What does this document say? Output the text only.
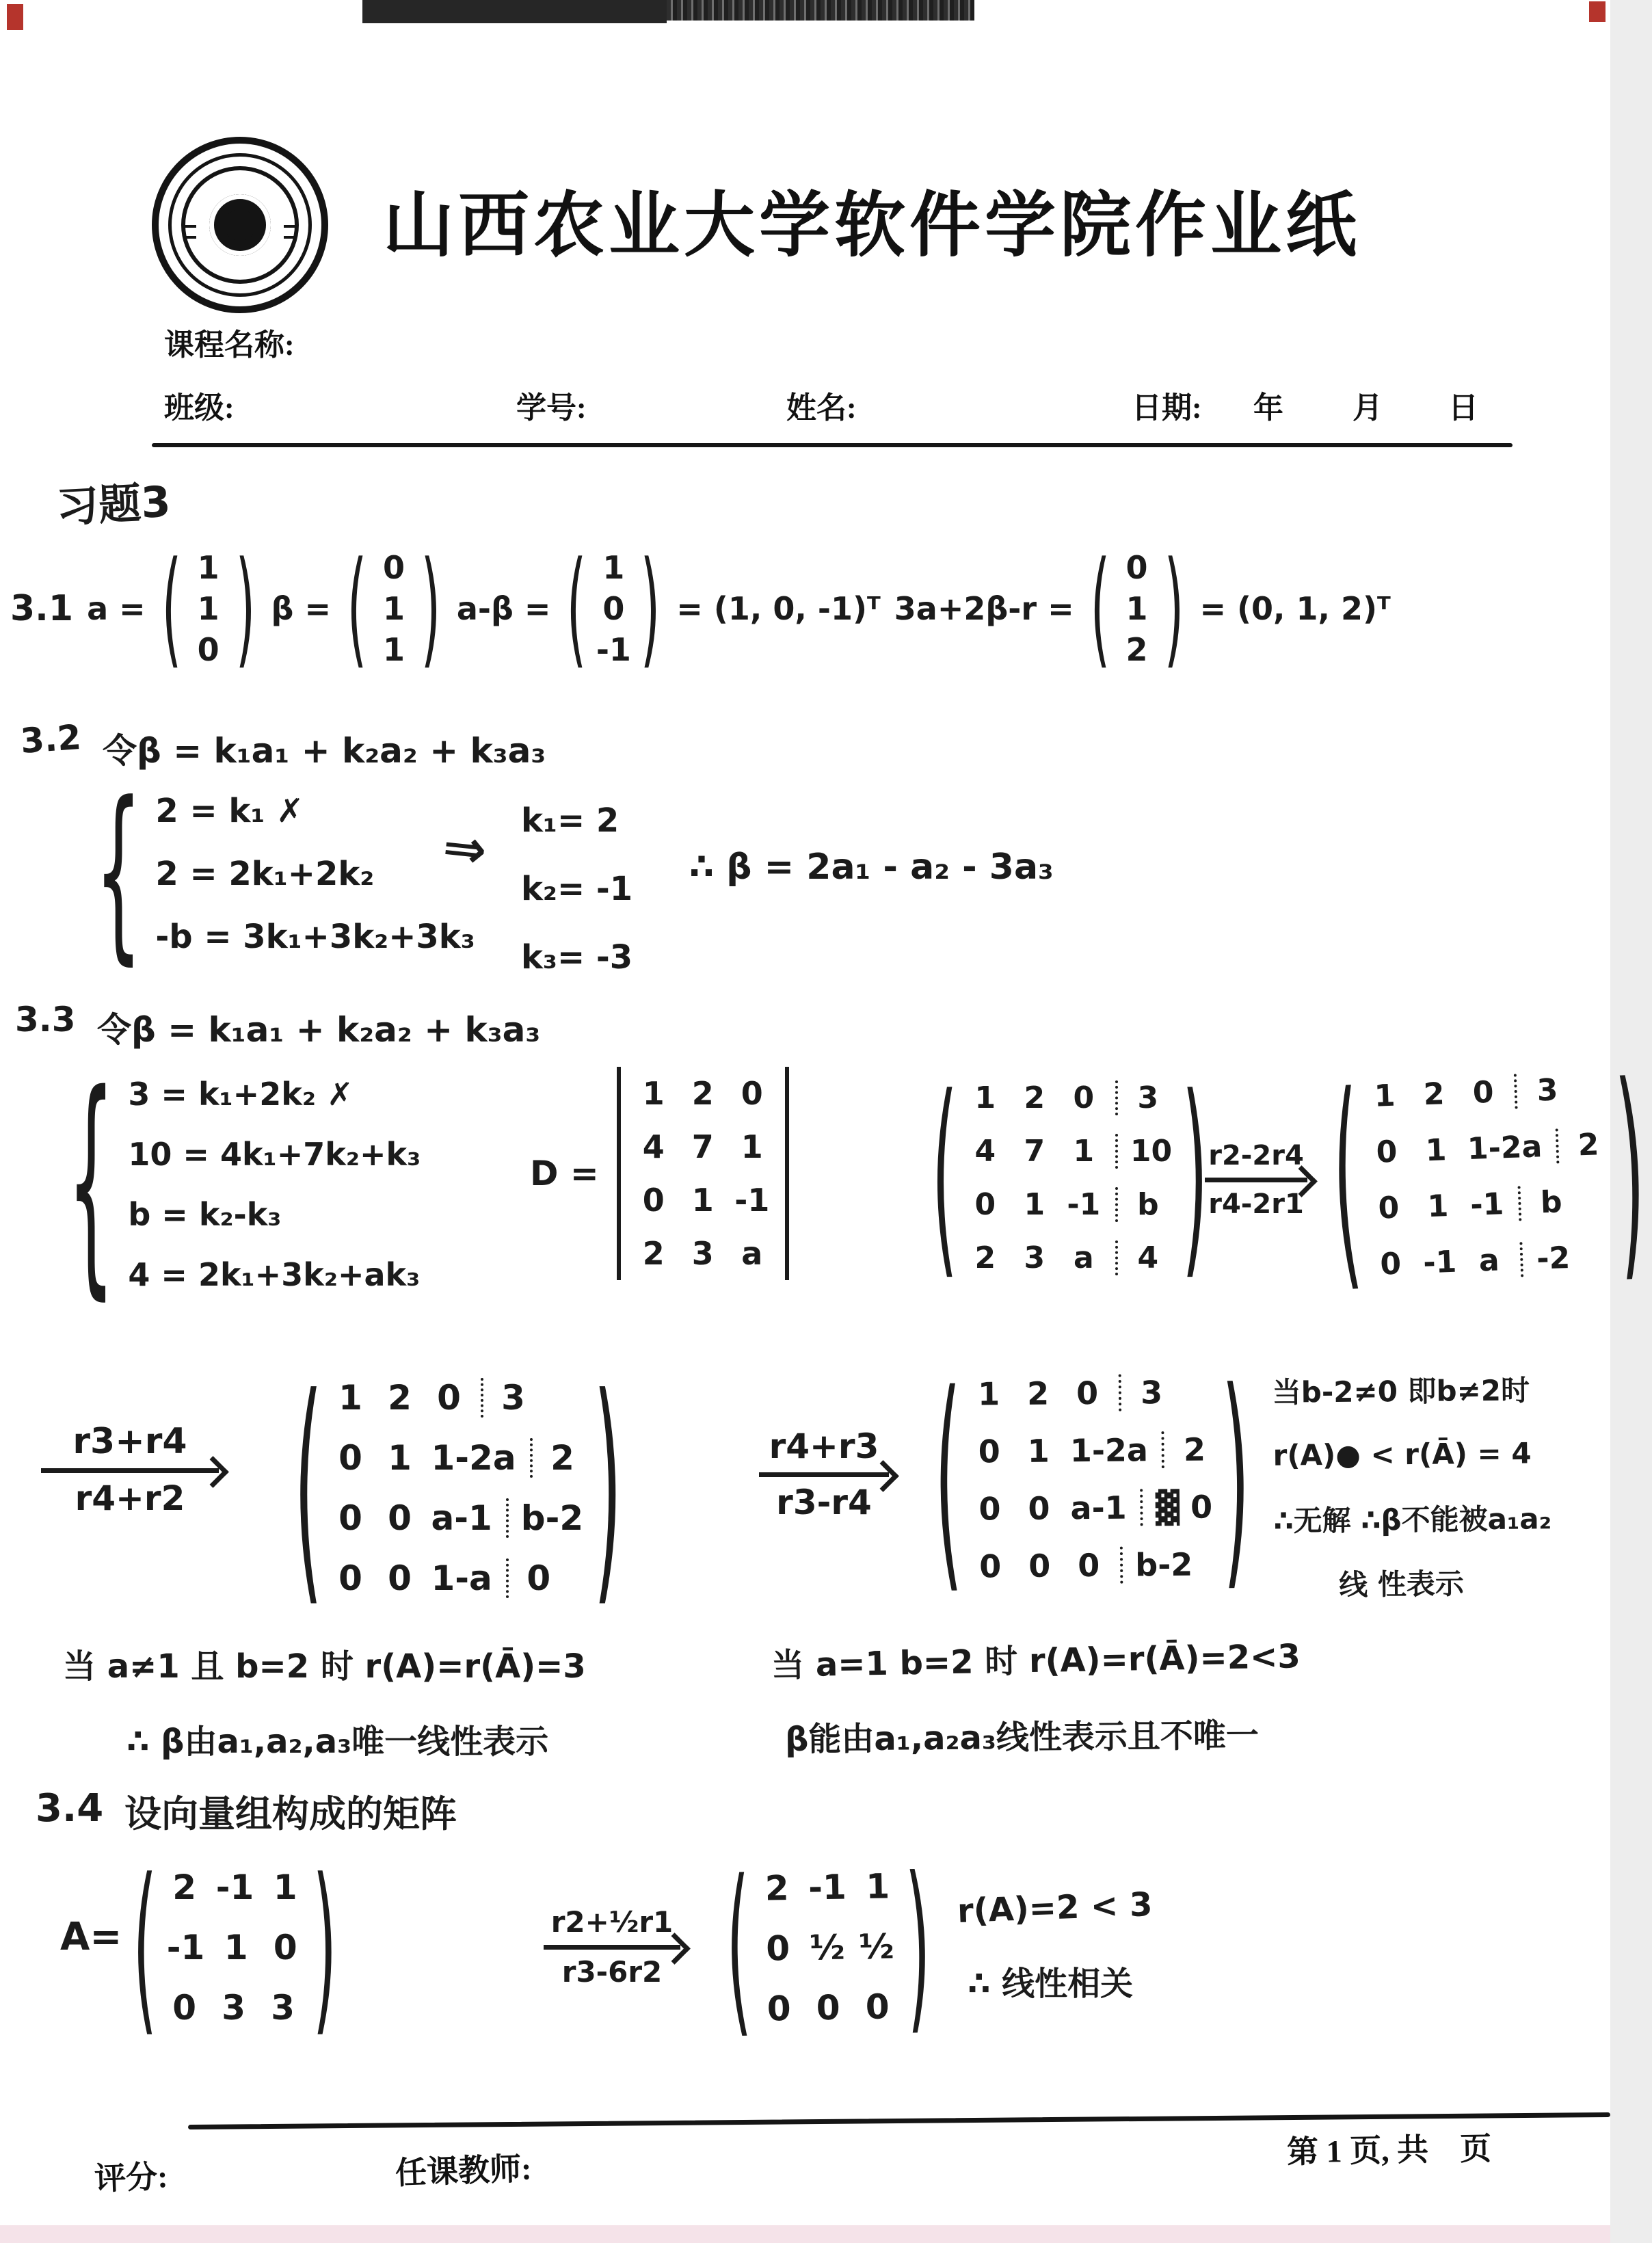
山西农业大学软件学院作业纸
课程名称:
班级:	学号:	姓名:	日期: 年 月 日
习题3
3.1 a = ( 1
1
0 ) β = ( 0
1
1 ) a-β = ( 1
0
-1 ) = (1, 0, -1)ᵀ 3a+2β-r = ( 0
1
2 ) = (0, 1, 2)ᵀ
3.2 令β = k₁a₁ + k₂a₂ + k₃a₃
{ 2 = k₁ ✗
2 = 2k₁+2k₂
-b = 3k₁+3k₂+3k₃
⇒ k₁= 2
k₂= -1
k₃= -3
∴ β = 2a₁ - a₂ - 3a₃
3.3 令β = k₁a₁ + k₂a₂ + k₃a₃
{ 3 = k₁+2k₂ ✗
10 = 4k₁+7k₂+k₃
b = k₂-k₃
4 = 2k₁+3k₂+ak₃
D =
1 2 0
4 7 1
0 1 -1
2 3 a ( 1 2 0	3
4 7 1	10
0 1 -1	b
2 3 a	4 ) r2-2r4
r4-2r1 ( 1 2 0	3
0 1 1-2a	2
0 1 -1	b
0 -1 a	-2 )
r3+r4
r4+r2 ( 1 2 0	3
0 1 1-2a	2
0 0 a-1 b-2
0 0 1-a	0 )	r4+r3
r3-r4 ( 1 2 0	3
0 1 1-2a	2
0 0 a-1 ▓ 0
0 0 0	b-2 ) 当b-2≠0 即b≠2时
r(A)● < r(Ā) = 4
∴无解 ∴β不能被a₁a₂
线 性表示
当 a≠1 且 b=2 时 r(A)=r(Ā)=3
∴ β由a₁,a₂,a₃唯一线性表示
当 a=1 b=2 时 r(A)=r(Ā)=2<3
β能由a₁,a₂a₃线性表示且不唯一
3.4 设向量组构成的矩阵
A= ( 2 -1 1
-1 1 0
0 3 3 )	r2+½r1
r3-6r2 ( 2 -1 1
0 ½ ½
0 0 0 ) r(A)=2 < 3
∴ 线性相关
评分:	任课教师:
第 1 页, 共　页
